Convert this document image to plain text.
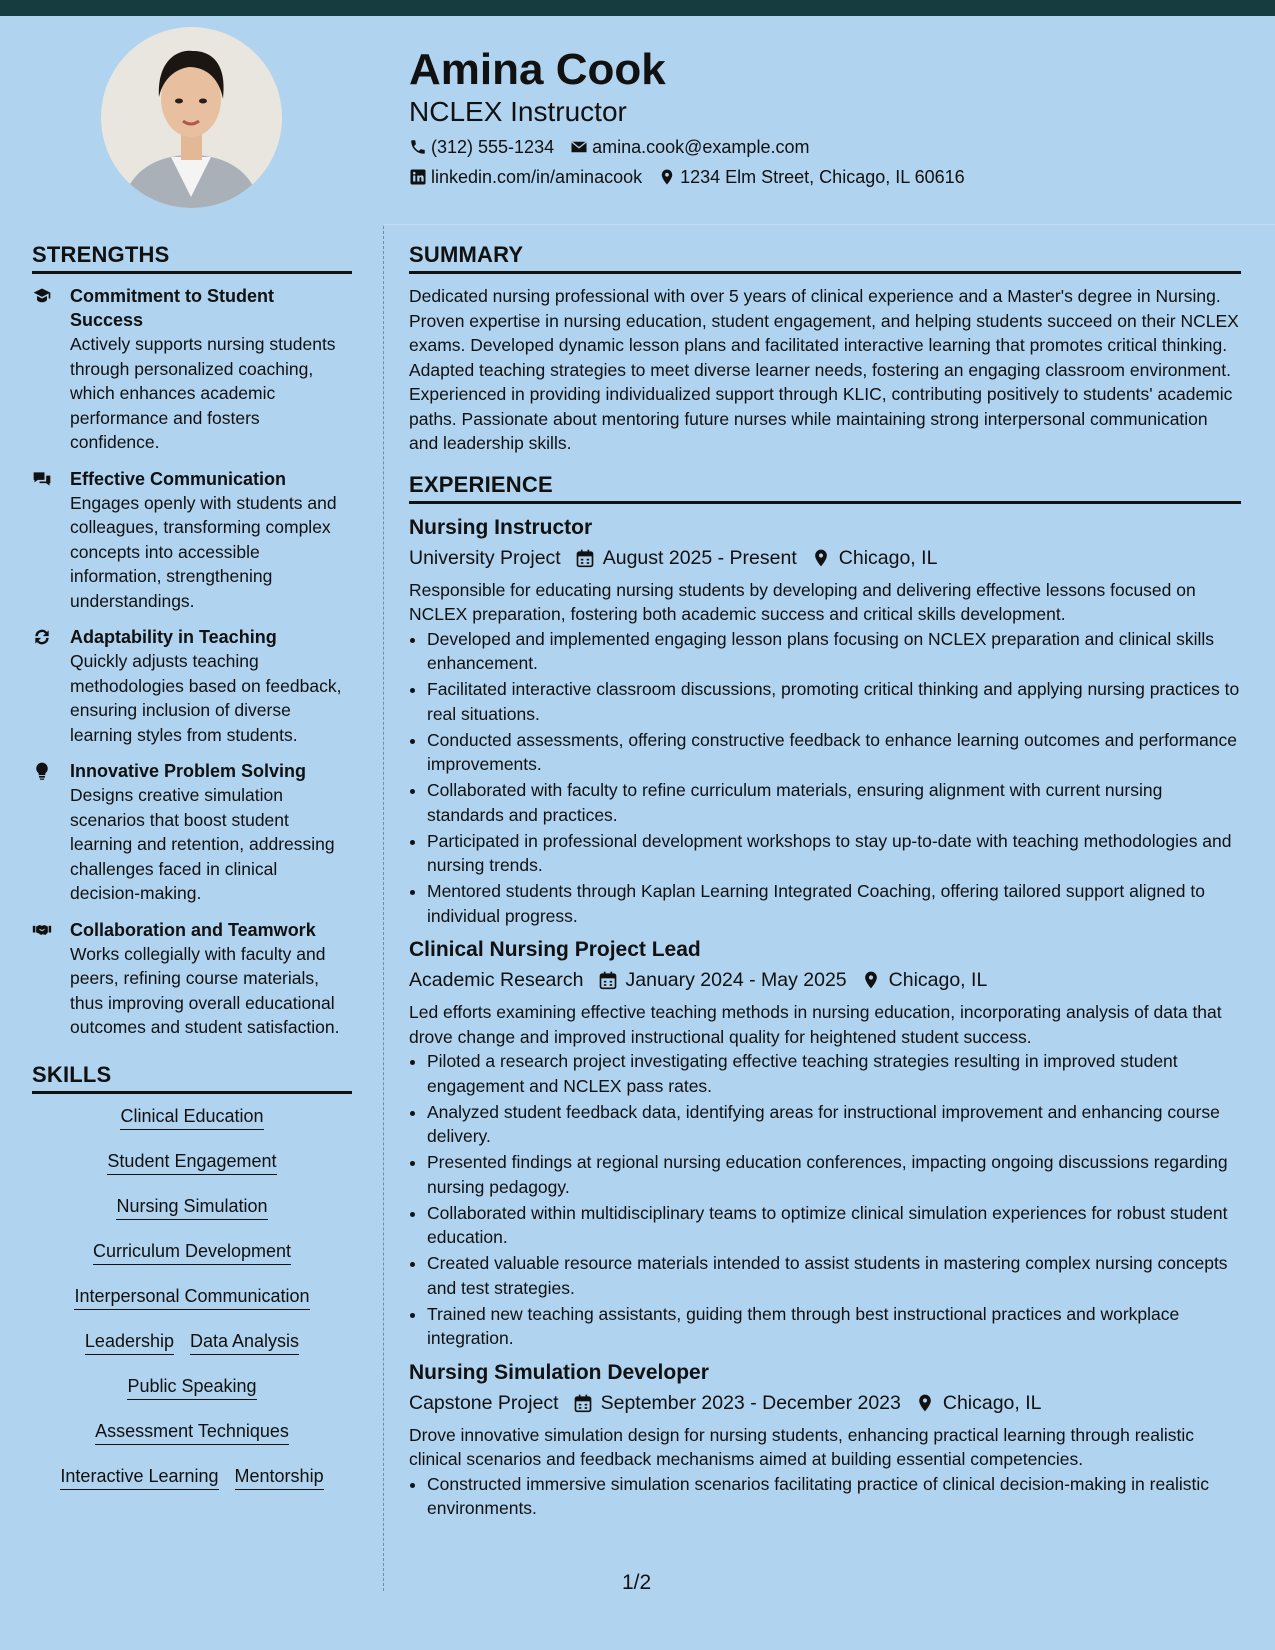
Amina Cook
NCLEX Instructor
(312) 555-1234 amina.cook@example.com
linkedin.com/in/aminacook 1234 Elm Street, Chicago, IL 60616
STRENGTHS
Commitment to Student Success
Actively supports nursing students through personalized coaching, which enhances academic performance and fosters confidence.
Effective Communication
Engages openly with students and colleagues, transforming complex concepts into accessible information, strengthening understandings.
Adaptability in Teaching
Quickly adjusts teaching methodologies based on feedback, ensuring inclusion of diverse learning styles from students.
Innovative Problem Solving
Designs creative simulation scenarios that boost student learning and retention, addressing challenges faced in clinical decision-making.
Collaboration and Teamwork
Works collegially with faculty and peers, refining course materials, thus improving overall educational outcomes and student satisfaction.
SKILLS
Clinical Education
Student Engagement
Nursing Simulation
Curriculum Development
Interpersonal Communication
Leadership Data Analysis
Public Speaking
Assessment Techniques
Interactive Learning Mentorship
SUMMARY
Dedicated nursing professional with over 5 years of clinical experience and a Master's degree in Nursing. Proven expertise in nursing education, student engagement, and helping students succeed on their NCLEX exams. Developed dynamic lesson plans and facilitated interactive learning that promotes critical thinking. Adapted teaching strategies to meet diverse learner needs, fostering an engaging classroom environment. Experienced in providing individualized support through KLIC, contributing positively to students' academic paths. Passionate about mentoring future nurses while maintaining strong interpersonal communication and leadership skills.
EXPERIENCE
Nursing Instructor
University Project August 2025 - Present Chicago, IL
Responsible for educating nursing students by developing and delivering effective lessons focused on NCLEX preparation, fostering both academic success and critical skills development.
• Developed and implemented engaging lesson plans focusing on NCLEX preparation and clinical skills enhancement.
• Facilitated interactive classroom discussions, promoting critical thinking and applying nursing practices to real situations.
• Conducted assessments, offering constructive feedback to enhance learning outcomes and performance improvements.
• Collaborated with faculty to refine curriculum materials, ensuring alignment with current nursing standards and practices.
• Participated in professional development workshops to stay up-to-date with teaching methodologies and nursing trends.
• Mentored students through Kaplan Learning Integrated Coaching, offering tailored support aligned to individual progress.
Clinical Nursing Project Lead
Academic Research January 2024 - May 2025 Chicago, IL
Led efforts examining effective teaching methods in nursing education, incorporating analysis of data that drove change and improved instructional quality for heightened student success.
• Piloted a research project investigating effective teaching strategies resulting in improved student engagement and NCLEX pass rates.
• Analyzed student feedback data, identifying areas for instructional improvement and enhancing course delivery.
• Presented findings at regional nursing education conferences, impacting ongoing discussions regarding nursing pedagogy.
• Collaborated within multidisciplinary teams to optimize clinical simulation experiences for robust student education.
• Created valuable resource materials intended to assist students in mastering complex nursing concepts and test strategies.
• Trained new teaching assistants, guiding them through best instructional practices and workplace integration.
Nursing Simulation Developer
Capstone Project September 2023 - December 2023 Chicago, IL
Drove innovative simulation design for nursing students, enhancing practical learning through realistic clinical scenarios and feedback mechanisms aimed at building essential competencies.
• Constructed immersive simulation scenarios facilitating practice of clinical decision-making in realistic environments.
1/2
